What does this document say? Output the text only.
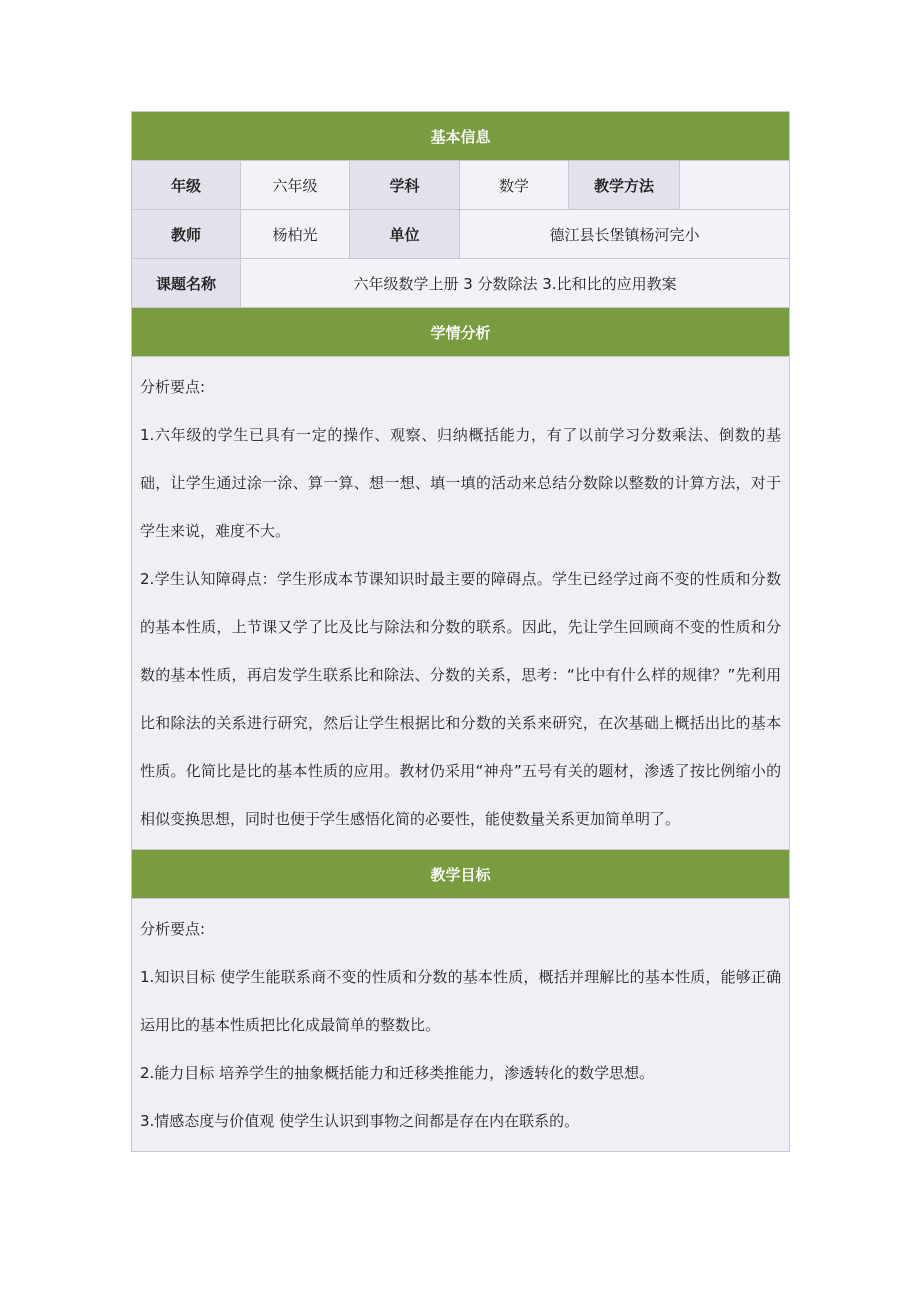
基本信息					
年级	六年级	学科	数学	教学方法	
教师	杨柏光	单位	德江县长堡镇杨河完小		
课题名称	六年级数学上册 3 分数除法 3.比和比的应用教案				
学情分析					

分析要点:

1.六年级的学生已具有一定的操作、观察、归纳概括能力，有了以前学习分数乘法、倒数的基础，让学生通过涂一涂、算一算、想一想、填一填的活动来总结分数除以整数的计算方法，对于学生来说，难度不大。

2.学生认知障碍点：学生形成本节课知识时最主要的障碍点。学生已经学过商不变的性质和分数的基本性质，上节课又学了比及比与除法和分数的联系。因此，先让学生回顾商不变的性质和分数的基本性质，再启发学生联系比和除法、分数的关系，思考：“比中有什么样的规律？”先利用比和除法的关系进行研究，然后让学生根据比和分数的关系来研究，在次基础上概括出比的基本性质。化简比是比的基本性质的应用。教材仍采用“神舟”五号有关的题材，渗透了按比例缩小的相似变换思想，同时也便于学生感悟化简的必要性，能使数量关系更加简单明了。					

教学目标					

分析要点:

1.知识目标 使学生能联系商不变的性质和分数的基本性质，概括并理解比的基本性质，能够正确运用比的基本性质把比化成最简单的整数比。

2.能力目标 培养学生的抽象概括能力和迁移类推能力，渗透转化的数学思想。

3.情感态度与价值观 使学生认识到事物之间都是存在内在联系的。					
